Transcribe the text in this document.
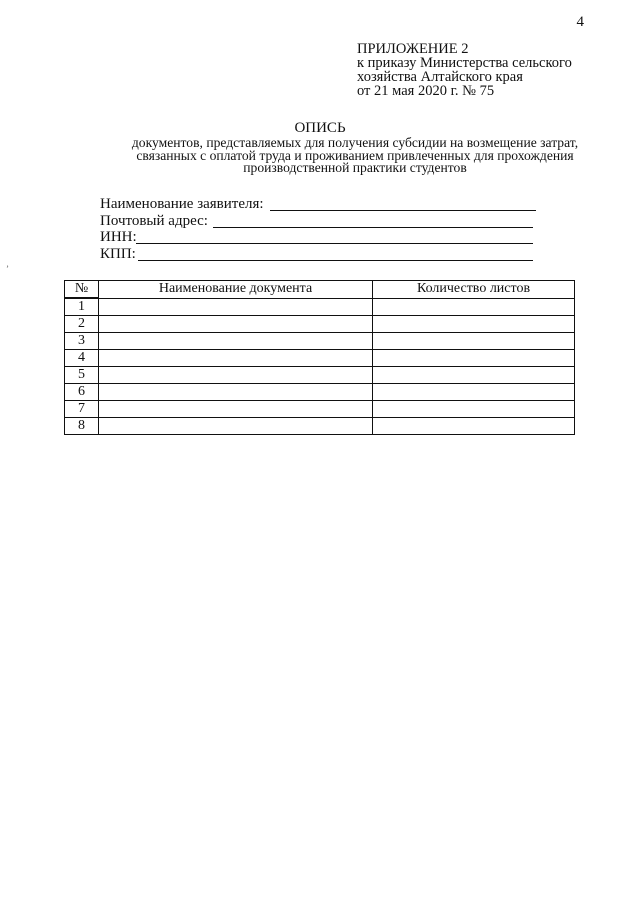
4
ПРИЛОЖЕНИЕ 2
к приказу Министерства сельского
хозяйства Алтайского края
от 21 мая 2020 г. № 75
ОПИСЬ
документов, представляемых для получения субсидии на возмещение затрат,
связанных с оплатой труда и проживанием привлеченных для прохождения
производственной практики студентов
Наименование заявителя:
Почтовый адрес:
ИНН:
КПП:
ʼ
№	Наименование документа	Количество листов
1		
2		
3		
4		
5		
6		
7		
8		
